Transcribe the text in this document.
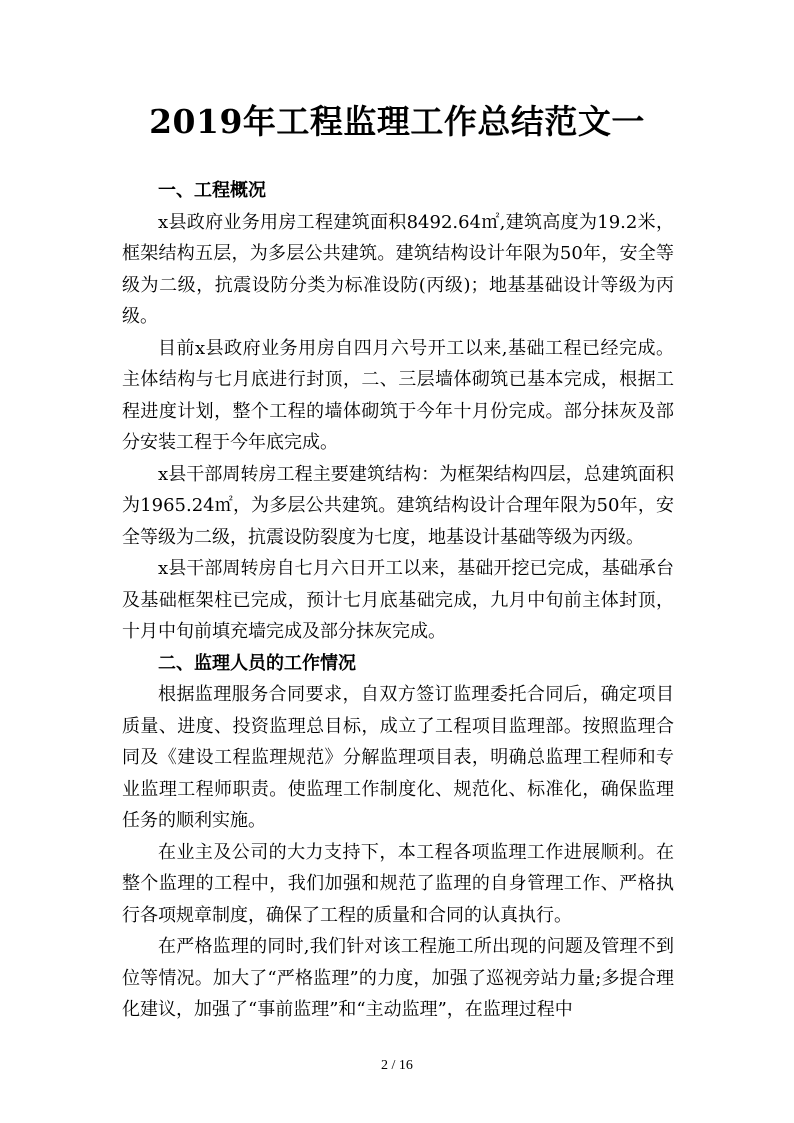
2019年工程监理工作总结范文一
一、工程概况

x县政府业务用房工程建筑面积8492.64㎡,建筑高度为19.2米，框架结构五层，为多层公共建筑。建筑结构设计年限为50年，安全等级为二级，抗震设防分类为标准设防(丙级)；地基基础设计等级为丙级。

目前x县政府业务用房自四月六号开工以来,基础工程已经完成。主体结构与七月底进行封顶，二、三层墙体砌筑已基本完成，根据工程进度计划，整个工程的墙体砌筑于今年十月份完成。部分抹灰及部分安装工程于今年底完成。

x县干部周转房工程主要建筑结构：为框架结构四层，总建筑面积为1965.24㎡，为多层公共建筑。建筑结构设计合理年限为50年，安全等级为二级，抗震设防裂度为七度，地基设计基础等级为丙级。

x县干部周转房自七月六日开工以来，基础开挖已完成，基础承台及基础框架柱已完成，预计七月底基础完成，九月中旬前主体封顶，十月中旬前填充墙完成及部分抹灰完成。

二、监理人员的工作情况

根据监理服务合同要求，自双方签订监理委托合同后，确定项目质量、进度、投资监理总目标，成立了工程项目监理部。按照监理合同及《建设工程监理规范》分解监理项目表，明确总监理工程师和专业监理工程师职责。使监理工作制度化、规范化、标准化，确保监理任务的顺利实施。

在业主及公司的大力支持下，本工程各项监理工作进展顺利。在整个监理的工程中，我们加强和规范了监理的自身管理工作、严格执行各项规章制度，确保了工程的质量和合同的认真执行。

在严格监理的同时,我们针对该工程施工所出现的问题及管理不到位等情况。加大了“严格监理”的力度，加强了巡视旁站力量;多提合理化建议，加强了“事前监理”和“主动监理”，在监理过程中

2 / 16
